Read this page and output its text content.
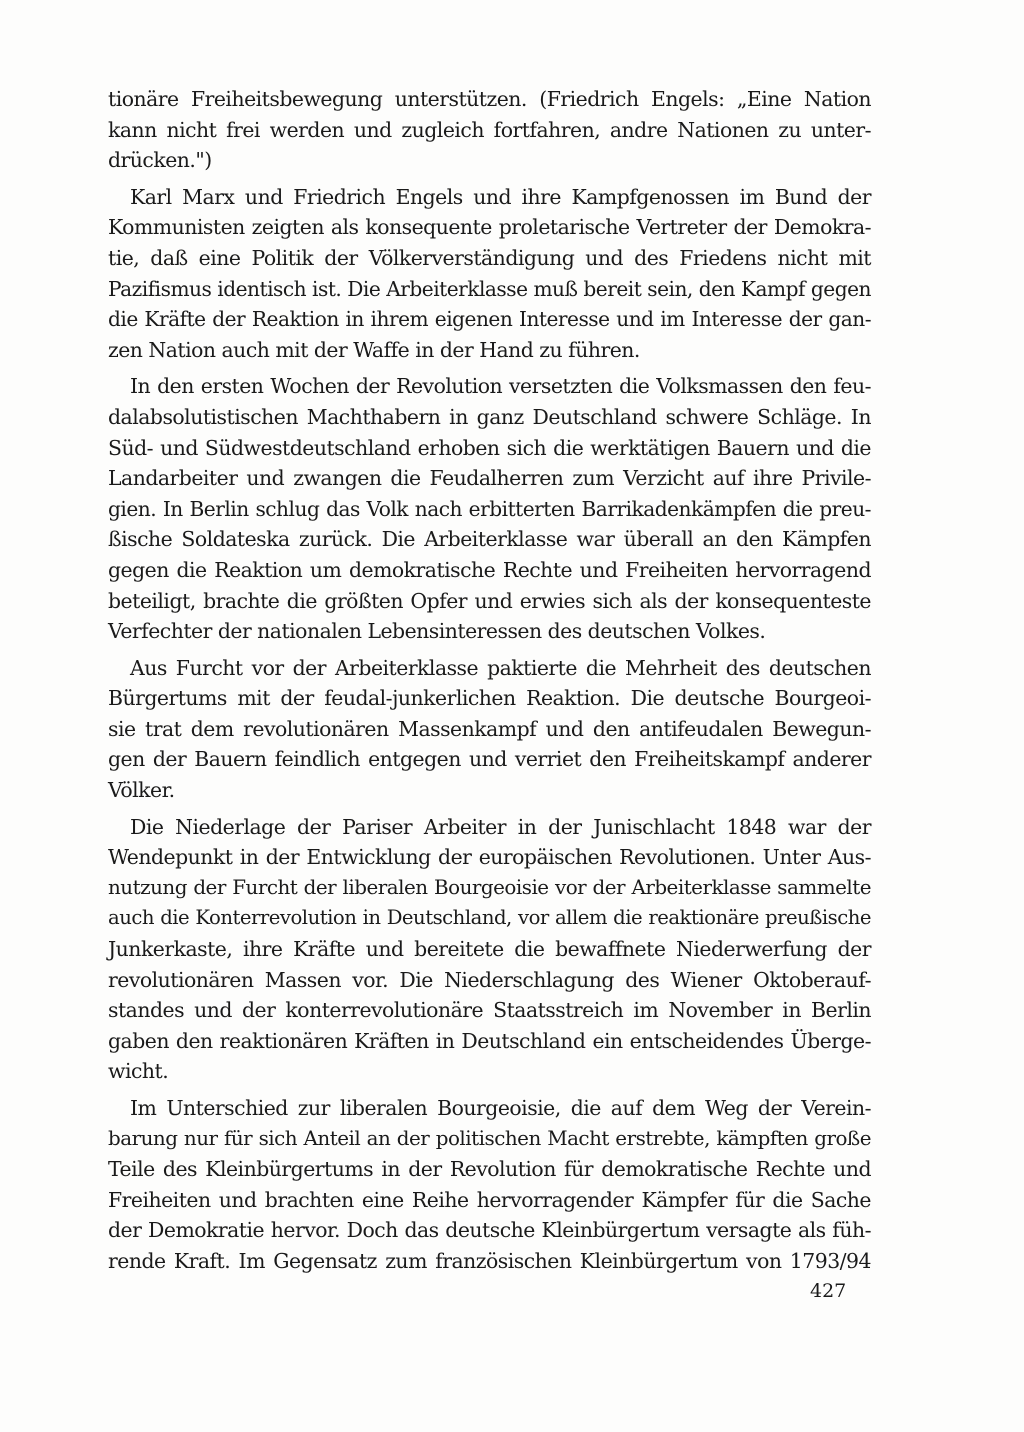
tionäre Freiheitsbewegung unterstützen. (Friedrich Engels: „Eine Nation
kann nicht frei werden und zugleich fortfahren, andre Nationen zu unter-
drücken.")
Karl Marx und Friedrich Engels und ihre Kampfgenossen im Bund der
Kommunisten zeigten als konsequente proletarische Vertreter der Demokra-
tie, daß eine Politik der Völkerverständigung und des Friedens nicht mit
Pazifismus identisch ist. Die Arbeiterklasse muß bereit sein, den Kampf gegen
die Kräfte der Reaktion in ihrem eigenen Interesse und im Interesse der gan-
zen Nation auch mit der Waffe in der Hand zu führen.
In den ersten Wochen der Revolution versetzten die Volksmassen den feu-
dalabsolutistischen Machthabern in ganz Deutschland schwere Schläge. In
Süd- und Südwestdeutschland erhoben sich die werktätigen Bauern und die
Landarbeiter und zwangen die Feudalherren zum Verzicht auf ihre Privile-
gien. In Berlin schlug das Volk nach erbitterten Barrikadenkämpfen die preu-
ßische Soldateska zurück. Die Arbeiterklasse war überall an den Kämpfen
gegen die Reaktion um demokratische Rechte und Freiheiten hervorragend
beteiligt, brachte die größten Opfer und erwies sich als der konsequenteste
Verfechter der nationalen Lebensinteressen des deutschen Volkes.
Aus Furcht vor der Arbeiterklasse paktierte die Mehrheit des deutschen
Bürgertums mit der feudal-junkerlichen Reaktion. Die deutsche Bourgeoi-
sie trat dem revolutionären Massenkampf und den antifeudalen Bewegun-
gen der Bauern feindlich entgegen und verriet den Freiheitskampf anderer
Völker.
Die Niederlage der Pariser Arbeiter in der Junischlacht 1848 war der
Wendepunkt in der Entwicklung der europäischen Revolutionen. Unter Aus-
nutzung der Furcht der liberalen Bourgeoisie vor der Arbeiterklasse sammelte
auch die Konterrevolution in Deutschland, vor allem die reaktionäre preußische
Junkerkaste, ihre Kräfte und bereitete die bewaffnete Niederwerfung der
revolutionären Massen vor. Die Niederschlagung des Wiener Oktoberauf-
standes und der konterrevolutionäre Staatsstreich im November in Berlin
gaben den reaktionären Kräften in Deutschland ein entscheidendes Überge-
wicht.
Im Unterschied zur liberalen Bourgeoisie, die auf dem Weg der Verein-
barung nur für sich Anteil an der politischen Macht erstrebte, kämpften große
Teile des Kleinbürgertums in der Revolution für demokratische Rechte und
Freiheiten und brachten eine Reihe hervorragender Kämpfer für die Sache
der Demokratie hervor. Doch das deutsche Kleinbürgertum versagte als füh-
rende Kraft. Im Gegensatz zum französischen Kleinbürgertum von 1793/94
427
